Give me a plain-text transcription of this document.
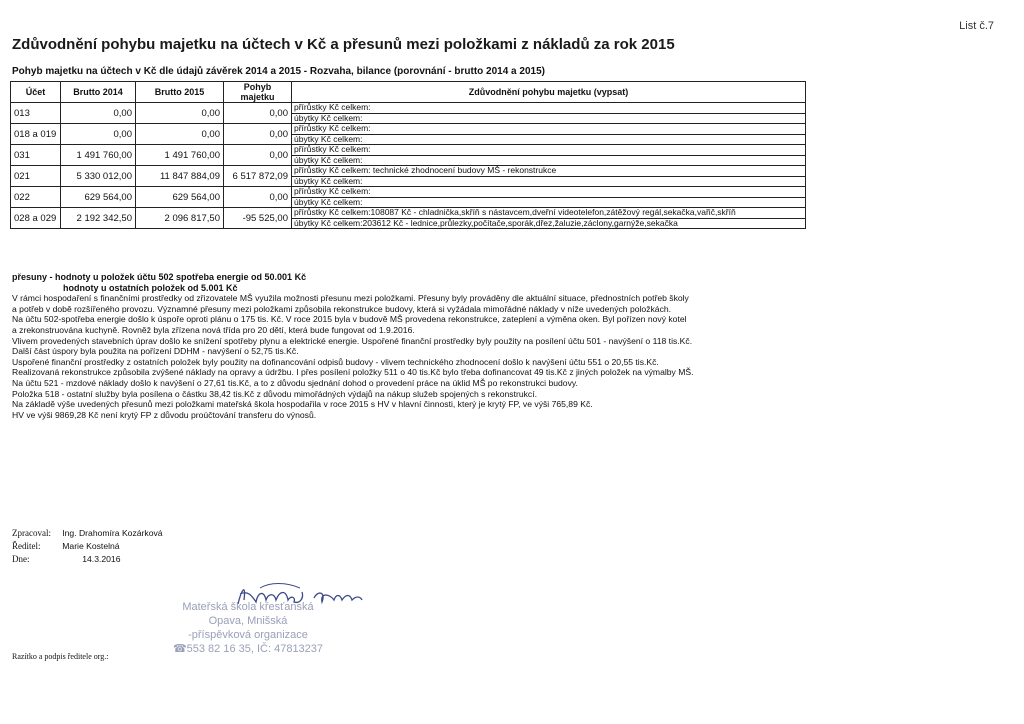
Zdůvodnění pohybu majetku na účtech v Kč a přesunů mezi položkami z nákladů za rok 2015
List č.7
Pohyb majetku na účtech v Kč dle údajů závěrek 2014 a 2015 - Rozvaha, bilance (porovnání - brutto 2014 a 2015)
Účet	Brutto 2014	Brutto 2015	Pohyb majetku	Zdůvodnění pohybu majetku (vypsat)
013	0,00	0,00	0,00	přírůstky Kč celkem:
úbytky Kč celkem:

018 a 019	0,00	0,00	0,00	přírůstky Kč celkem:
úbytky Kč celkem:

031	1 491 760,00	1 491 760,00	0,00	přírůstky Kč celkem:
úbytky Kč celkem:

021	5 330 012,00	11 847 884,09	6 517 872,09	přírůstky Kč celkem: technické zhodnocení budovy MŠ - rekonstrukce
úbytky Kč celkem:

022	629 564,00	629 564,00	0,00	přírůstky Kč celkem:
úbytky Kč celkem:

028 a 029	2 192 342,50	2 096 817,50	-95 525,00	přírůstky Kč celkem:108087 Kč - chladnička,skříň s nástavcem,dveřní videotelefon,zátěžový regál,sekačka,vařič,skříň
úbytky Kč celkem:203612 Kč - lednice,průlezky,počítače,sporák,dřez,žaluzie,záclony,garnýže,sekačka

přesuny - hodnoty u položek účtu 502 spotřeba energie od 50.001 Kč

hodnoty u ostatních položek od 5.001 Kč

V rámci hospodaření s finančními prostředky od zřizovatele MŠ využila možnosti přesunu mezi položkami. Přesuny byly prováděny dle aktuální situace, přednostních potřeb školy

a potřeb v době rozšířeného provozu. Významné přesuny mezi položkami způsobila rekonstrukce budovy, která si vyžádala mimořádné náklady v níže uvedených položkách.

Na účtu 502-spotřeba energie došlo k úspoře oproti plánu o 175 tis. Kč. V roce 2015 byla v budově MŠ provedena rekonstrukce, zateplení a výměna oken. Byl pořízen nový kotel

a zrekonstruována kuchyně. Rovněž byla zřízena nová třída pro 20 dětí, která bude fungovat od 1.9.2016.

Vlivem provedených stavebních úprav došlo ke snížení spotřeby plynu a elektrické energie. Uspořené finanční prostředky byly použity na posílení účtu 501 - navýšení o 118 tis.Kč.

Další část úspory byla použita na pořízení DDHM - navýšení o 52,75 tis.Kč.

Uspořené finanční prostředky z ostatních položek byly použity na dofinancování odpisů budovy - vlivem technického zhodnocení došlo k navýšení účtu 551 o 20,55 tis.Kč.

Realizovaná rekonstrukce způsobila zvýšené náklady na opravy a údržbu. I přes posílení položky 511 o 40 tis.Kč bylo třeba dofinancovat 49 tis.Kč z jiných položek na výmalby MŠ.

Na účtu 521 - mzdové náklady došlo k navýšení o 27,61 tis.Kč, a to z důvodu sjednání dohod o provedení práce na úklid MŠ po rekonstrukci budovy.

Položka 518 - ostatní služby byla posílena o částku 38,42 tis.Kč z důvodu mimořádných výdajů na nákup služeb spojených s rekonstrukcí.

Na základě výše uvedených přesunů mezi položkami mateřská škola hospodařila v roce 2015 s HV v hlavní činnosti, který je krytý FP, ve výši 765,89 Kč.

HV ve výši 9869,28 Kč není krytý FP z důvodu proúčtování transferu do výnosů.

Zpracoval: Ing. Drahomíra Kozárková
Ředitel:	Marie Kostelná
Dne:	14.3.2016
Razítko a podpis ředitele org.:
Mateřská škola křesťanská
Opava, Mnišská
-příspěvková organizace
☎553 82 16 35, IČ: 47813237
